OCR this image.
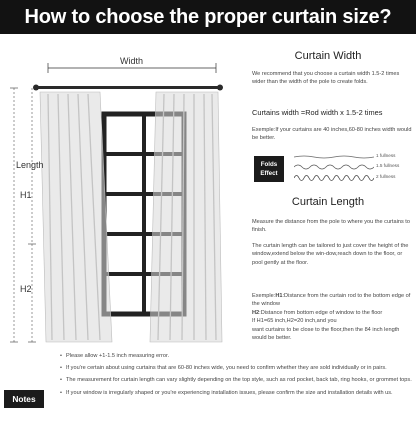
How to choose the proper curtain size?
Width
Length
H1
H2
Curtain Width

We recommend that you choose a curtain width 1.5-2 times wider than the width of the pole to create folds.

Curtains width =Rod width x 1.5-2 times

Exemple:If your curtains are 40 inches,60-80 inches width would be better.

Folds Effect
1 fullness
1.5 fullness
2 fullness
Curtain Length

Measure the distance from the pole to where you the curtains to finish.

The curtain length can be tailored to just cover the height of the window,extend below the win-dow,reach down to the floor, or pool gently at the floor.

Exemple:H1:Distance from the curtain rod to the bottom edge of the window

H2:Distance from bottom edge of window to the floor

If H1=65 inch,H2=20 inch,and you

want curtains to be close to the floor,then the 84 inch length would be better.

Notes
• Please allow +1-1.5 inch measuring error.
• If you're certain about using curtains that are 60-80 inches wide, you need to confirm whether they are sold individually or in pairs.
• The measurement for curtain length can vary slightly depending on the top style, such as rod pocket, back tab, ring hooks, or grommet tops.
• If your window is irregularly shaped or you're experiencing installation issues, please confirm the size and installation details with us.
